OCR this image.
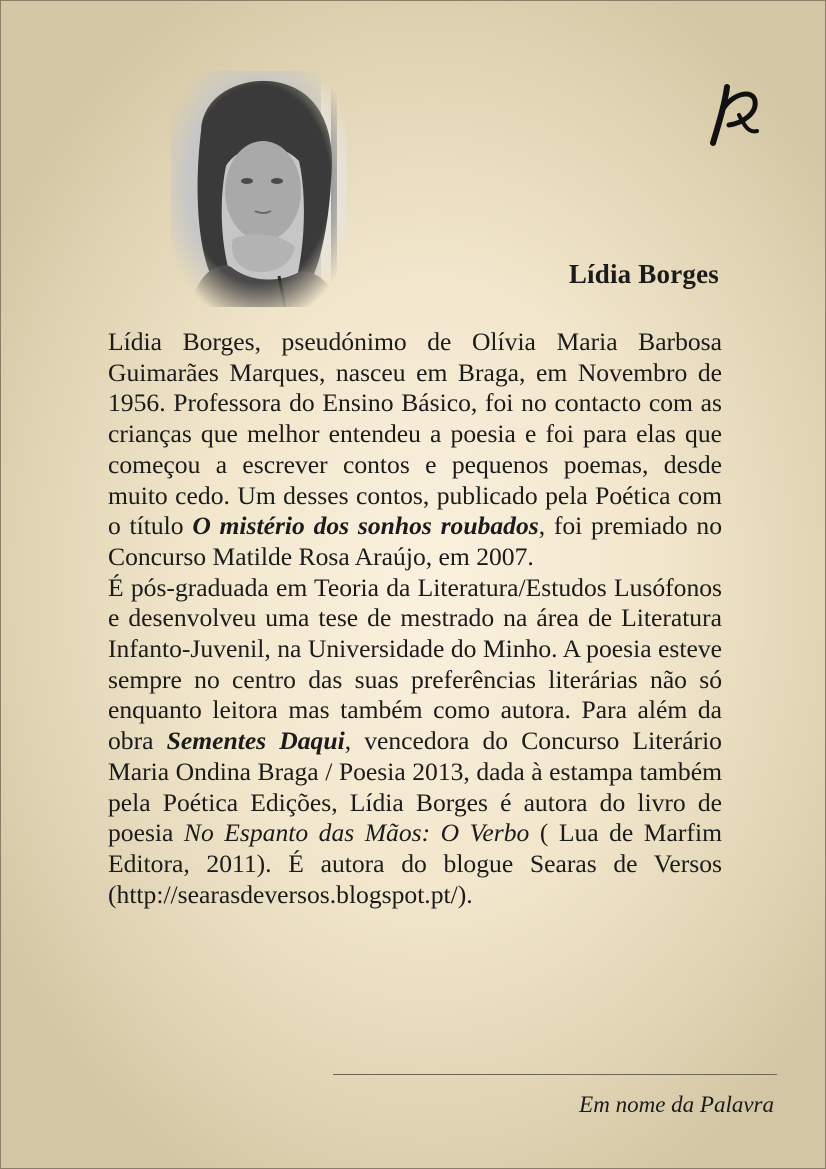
Lídia Borges

Lídia Borges, pseudónimo de Olívia Maria Barbosa Guimarães Marques, nasceu em Braga, em Novembro de 1956. Professora do Ensino Básico, foi no contacto com as crianças que melhor entendeu a poesia e foi para elas que começou a escrever contos e pequenos poemas, desde muito cedo. Um desses contos, publicado pela Poética com o título O mistério dos sonhos roubados, foi premiado no Concurso Matilde Rosa Araújo, em 2007.

É pós-graduada em Teoria da Literatura/Estudos Lusófonos e desenvolveu uma tese de mestrado na área de Literatura Infanto-Juvenil, na Universidade do Minho. A poesia esteve sempre no centro das suas preferências literárias não só enquanto leitora mas também como autora. Para além da obra Sementes Daqui, vencedora do Concurso Literário Maria Ondina Braga / Poesia 2013, dada à estampa também pela Poética Edições, Lídia Borges é autora do livro de poesia No Espanto das Mãos: O Verbo ( Lua de Marfim Editora, 2011). É autora do blogue Searas de Versos (http://searasdeversos.blogspot.pt/).

Em nome da Palavra
